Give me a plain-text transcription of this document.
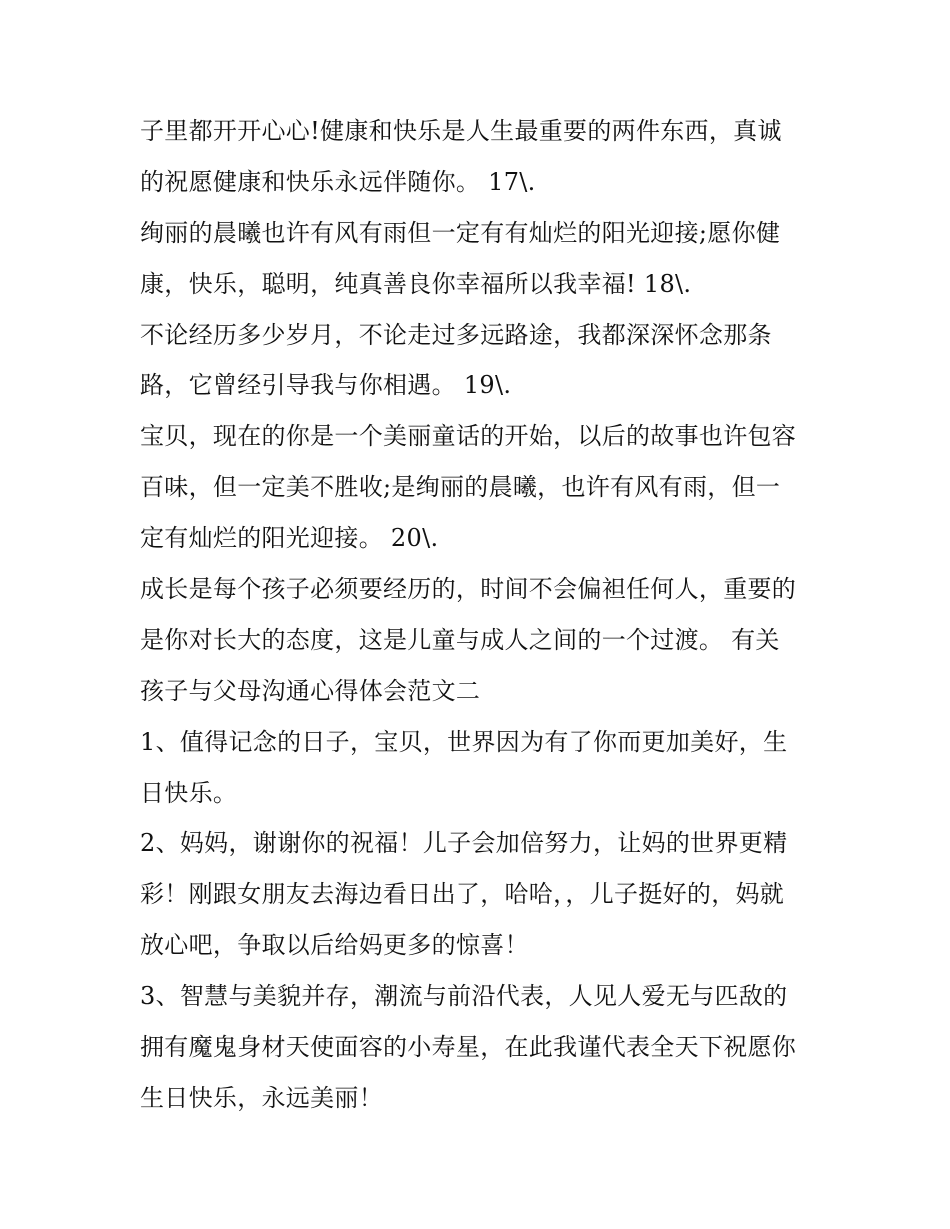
子里都开开心心!健康和快乐是人生最重要的两件东西，真诚
的祝愿健康和快乐永远伴随你。 17\.
绚丽的晨曦也许有风有雨但一定有有灿烂的阳光迎接;愿你健
康，快乐，聪明，纯真善良你幸福所以我幸福! 18\.
不论经历多少岁月，不论走过多远路途，我都深深怀念那条
路，它曾经引导我与你相遇。 19\.
宝贝，现在的你是一个美丽童话的开始，以后的故事也许包容
百味，但一定美不胜收;是绚丽的晨曦，也许有风有雨，但一
定有灿烂的阳光迎接。 20\.
成长是每个孩子必须要经历的，时间不会偏袒任何人，重要的
是你对长大的态度，这是儿童与成人之间的一个过渡。 有关
孩子与父母沟通心得体会范文二
1、值得记念的日子，宝贝，世界因为有了你而更加美好，生
日快乐。
2、妈妈，谢谢你的祝福！儿子会加倍努力，让妈的世界更精
彩！刚跟女朋友去海边看日出了，哈哈，，儿子挺好的，妈就
放心吧，争取以后给妈更多的惊喜！
3、智慧与美貌并存，潮流与前沿代表，人见人爱无与匹敌的
拥有魔鬼身材天使面容的小寿星，在此我谨代表全天下祝愿你
生日快乐，永远美丽！
